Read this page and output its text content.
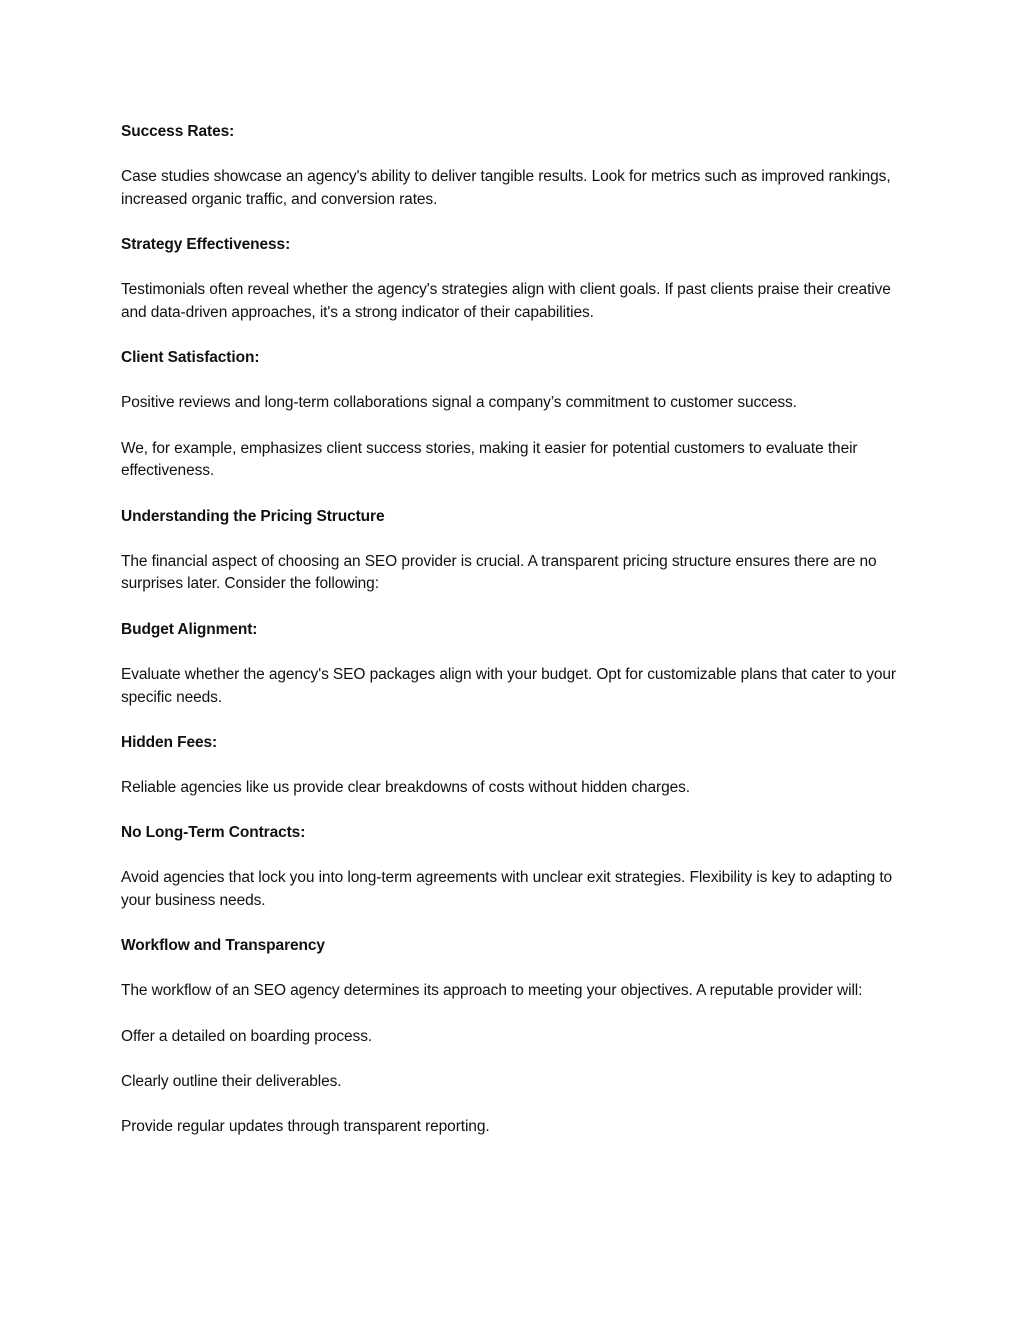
Success Rates:
Case studies showcase an agency's ability to deliver tangible results. Look for metrics such as improved rankings, increased organic traffic, and conversion rates.
Strategy Effectiveness:
Testimonials often reveal whether the agency's strategies align with client goals. If past clients praise their creative and data-driven approaches, it's a strong indicator of their capabilities.
Client Satisfaction:
Positive reviews and long-term collaborations signal a company’s commitment to customer success.
We, for example, emphasizes client success stories, making it easier for potential customers to evaluate their effectiveness.
Understanding the Pricing Structure
The financial aspect of choosing an SEO provider is crucial. A transparent pricing structure ensures there are no surprises later. Consider the following:
Budget Alignment:
Evaluate whether the agency's SEO packages align with your budget. Opt for customizable plans that cater to your specific needs.
Hidden Fees:
Reliable agencies like us provide clear breakdowns of costs without hidden charges.
No Long-Term Contracts:
Avoid agencies that lock you into long-term agreements with unclear exit strategies. Flexibility is key to adapting to your business needs.
Workflow and Transparency
The workflow of an SEO agency determines its approach to meeting your objectives. A reputable provider will:
Offer a detailed on boarding process.
Clearly outline their deliverables.
Provide regular updates through transparent reporting.
